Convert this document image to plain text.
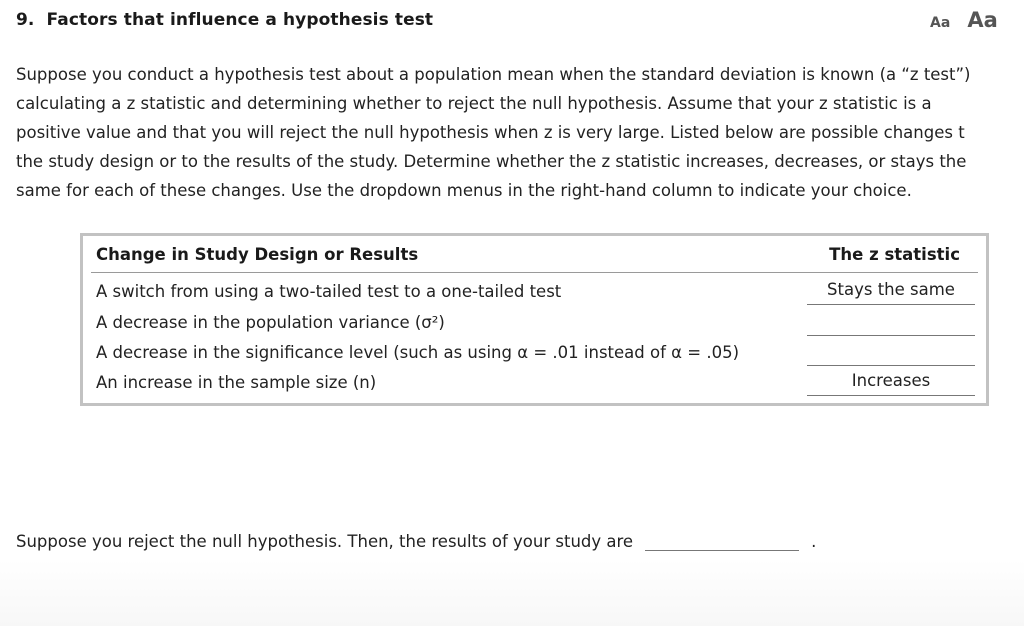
9. Factors that influence a hypothesis test	Aa Aa
Suppose you conduct a hypothesis test about a population mean when the standard deviation is known (a “z test”)
calculating a z statistic and determining whether to reject the null hypothesis. Assume that your z statistic is a
positive value and that you will reject the null hypothesis when z is very large. Listed below are possible changes t
the study design or to the results of the study. Determine whether the z statistic increases, decreases, or stays the
same for each of these changes. Use the dropdown menus in the right-hand column to indicate your choice.
Change in Study Design or Results	The z statistic
A switch from using a two-tailed test to a one-tailed test	Stays the same
A decrease in the population variance (σ²)
A decrease in the significance level (such as using α = .01 instead of α = .05)
An increase in the sample size (n)	Increases
Suppose you reject the null hypothesis. Then, the results of your study are	.
